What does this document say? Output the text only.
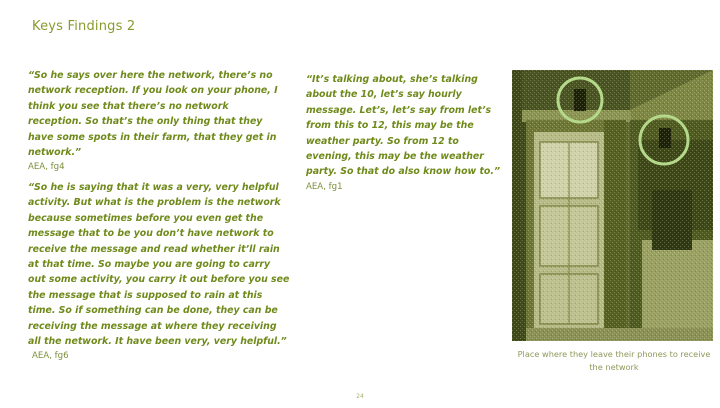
Keys Findings 2
“So he says over here the network, there’s no network reception. If you look on your phone, I think you see that there’s no network reception. So that’s the only thing that they have some spots in their farm, that they get in network.”
AEA, fg4
“So he is saying that it was a very, very helpful activity. But what is the problem is the network because sometimes before you even get the message that to be you don’t have network to receive the message and read whether it’ll rain at that time. So maybe you are going to carry out some activity, you carry it out before you see the message that is supposed to rain at this time. So if something can be done, they can be receiving the message at where they receiving all the network. It have been very, very helpful.”
AEA, fg6
“It’s talking about, she’s talking about the 10, let’s say hourly message. Let’s, let’s say from let’s from this to 12, this may be the weather party. So from 12 to evening, this may be the weather party. So that do also know how to.”
AEA, fg1
Place where they leave their phones to receive the network
24
